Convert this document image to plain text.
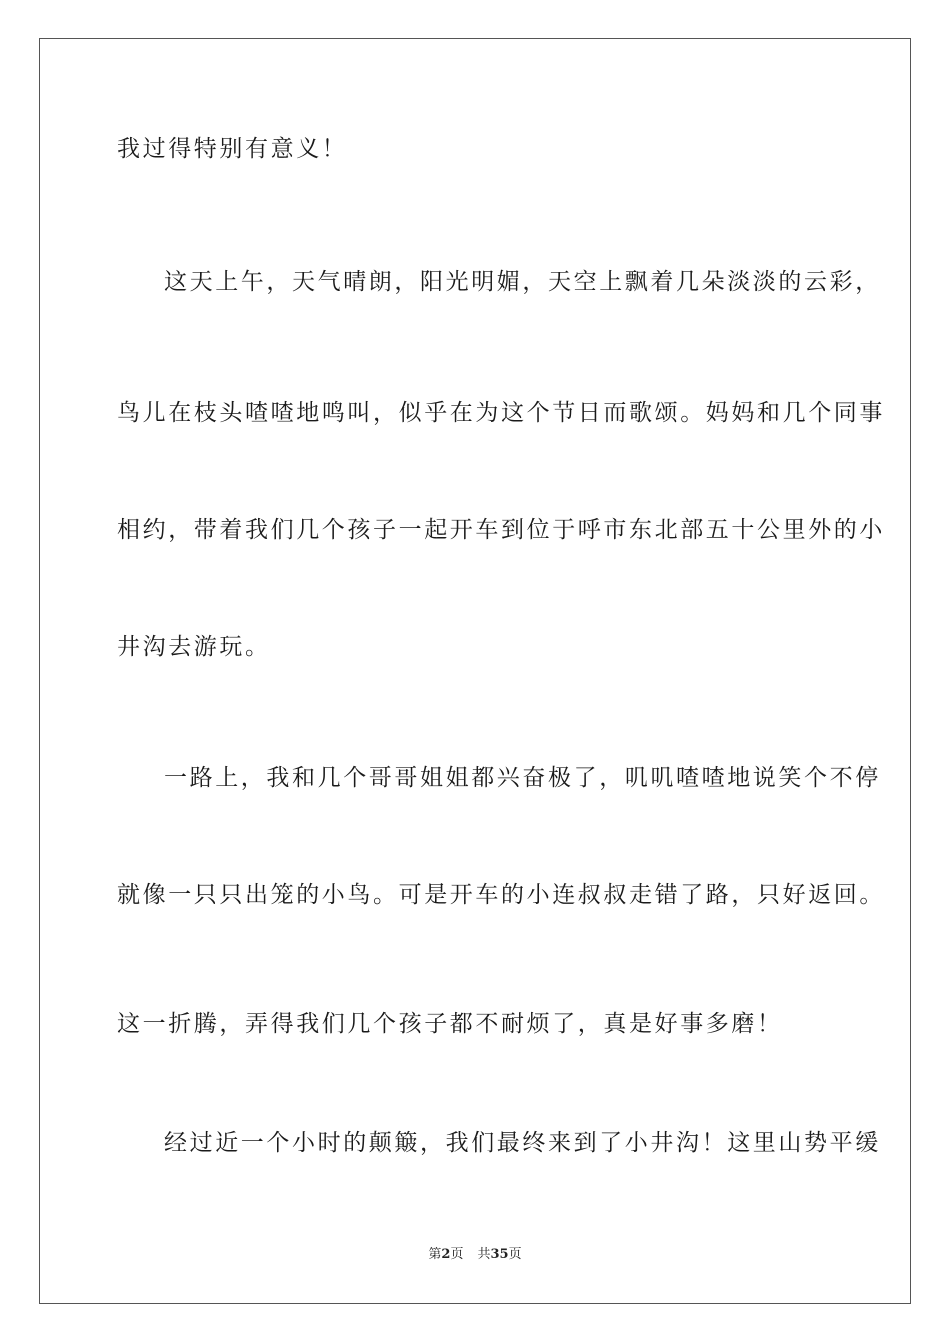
我过得特别有意义！
这天上午，天气晴朗，阳光明媚，天空上飘着几朵淡淡的云彩，
鸟儿在枝头喳喳地鸣叫，似乎在为这个节日而歌颂。妈妈和几个同事
相约，带着我们几个孩子一起开车到位于呼市东北部五十公里外的小
井沟去游玩。
一路上，我和几个哥哥姐姐都兴奋极了，叽叽喳喳地说笑个不停
就像一只只出笼的小鸟。可是开车的小连叔叔走错了路，只好返回。
这一折腾，弄得我们几个孩子都不耐烦了，真是好事多磨！
经过近一个小时的颠簸，我们最终来到了小井沟！这里山势平缓
第2页 共35页
